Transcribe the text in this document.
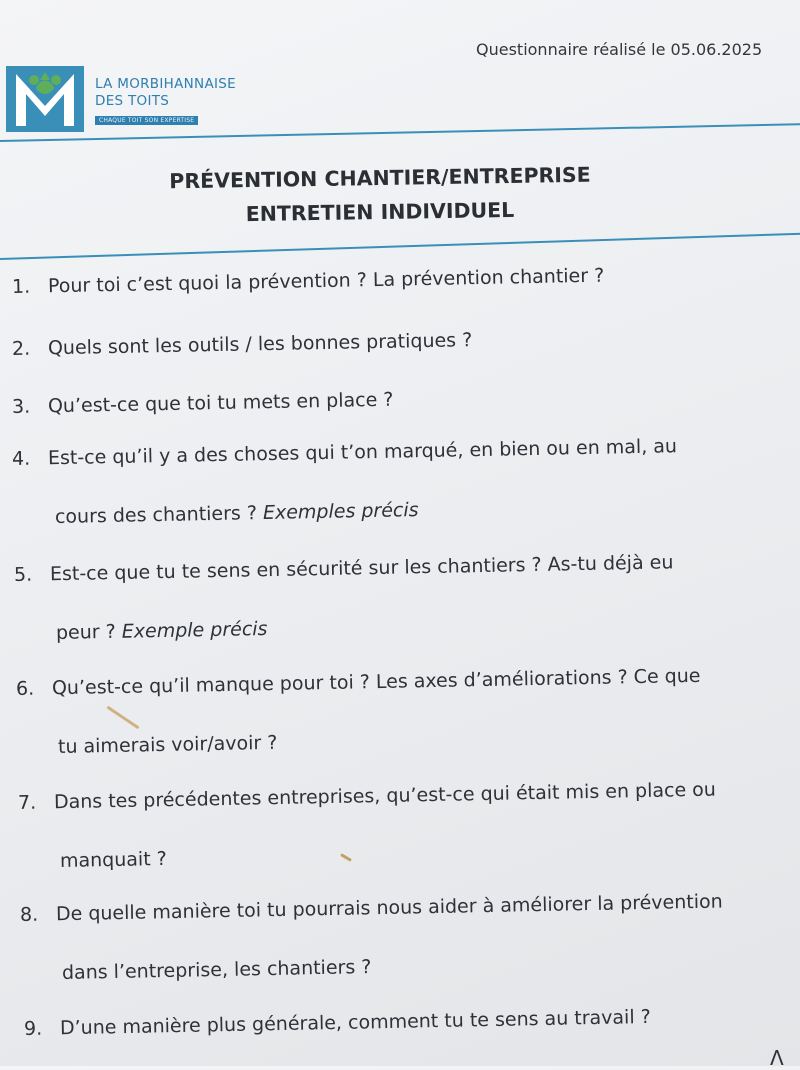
Questionnaire réalisé le 05.06.2025
LA MORBIHANNAISE
DES TOITS
CHAQUE TOIT SON EXPERTISE
PRÉVENTION CHANTIER/ENTREPRISE
ENTRETIEN INDIVIDUEL
1. Pour toi c’est quoi la prévention ? La prévention chantier ?
2. Quels sont les outils / les bonnes pratiques ?
3. Qu’est-ce que toi tu mets en place ?
4. Est-ce qu’il y a des choses qui t’on marqué, en bien ou en mal, au
cours des chantiers ? Exemples précis
5. Est-ce que tu te sens en sécurité sur les chantiers ? As-tu déjà eu
peur ? Exemple précis
6. Qu’est-ce qu’il manque pour toi ? Les axes d’améliorations ? Ce que
tu aimerais voir/avoir ?
7. Dans tes précédentes entreprises, qu’est-ce qui était mis en place ou
manquait ?
8. De quelle manière toi tu pourrais nous aider à améliorer la prévention
dans l’entreprise, les chantiers ?
9. D’une manière plus générale, comment tu te sens au travail ?
Λ
